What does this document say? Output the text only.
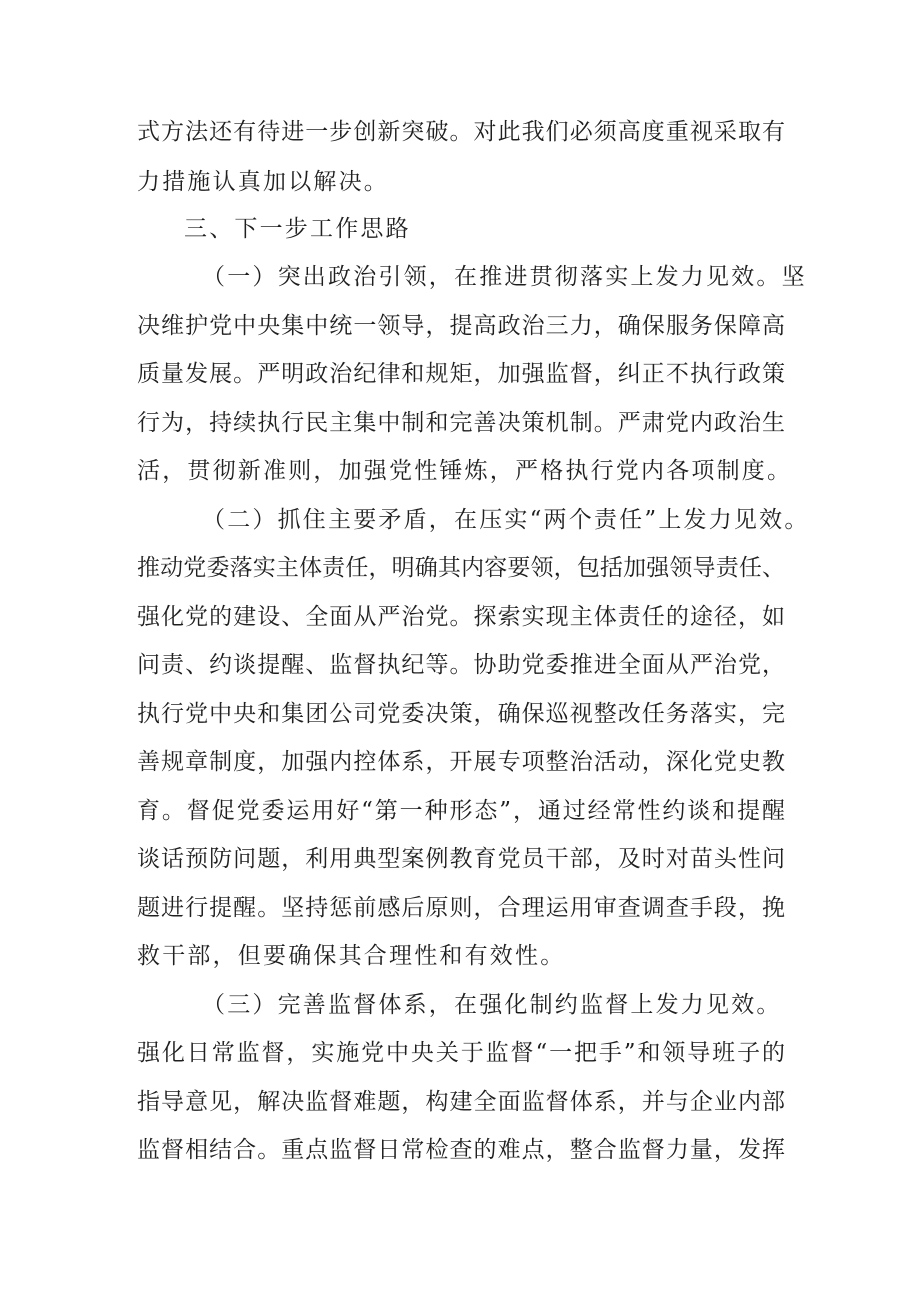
式方法还有待进一步创新突破。对此我们必须高度重视采取有
力措施认真加以解决。
三、下一步工作思路
（一）突出政治引领，在推进贯彻落实上发力见效。坚
决维护党中央集中统一领导，提高政治三力，确保服务保障高
质量发展。严明政治纪律和规矩，加强监督，纠正不执行政策
行为，持续执行民主集中制和完善决策机制。严肃党内政治生
活，贯彻新准则，加强党性锤炼，严格执行党内各项制度。
（二）抓住主要矛盾，在压实“两个责任”上发力见效。
推动党委落实主体责任，明确其内容要领，包括加强领导责任、
强化党的建设、全面从严治党。探索实现主体责任的途径，如
问责、约谈提醒、监督执纪等。协助党委推进全面从严治党，
执行党中央和集团公司党委决策，确保巡视整改任务落实，完
善规章制度，加强内控体系，开展专项整治活动，深化党史教
育。督促党委运用好“第一种形态”，通过经常性约谈和提醒
谈话预防问题，利用典型案例教育党员干部，及时对苗头性问
题进行提醒。坚持惩前感后原则，合理运用审查调查手段，挽
救干部，但要确保其合理性和有效性。
（三）完善监督体系，在强化制约监督上发力见效。
强化日常监督，实施党中央关于监督“一把手”和领导班子的
指导意见，解决监督难题，构建全面监督体系，并与企业内部
监督相结合。重点监督日常检查的难点，整合监督力量，发挥
